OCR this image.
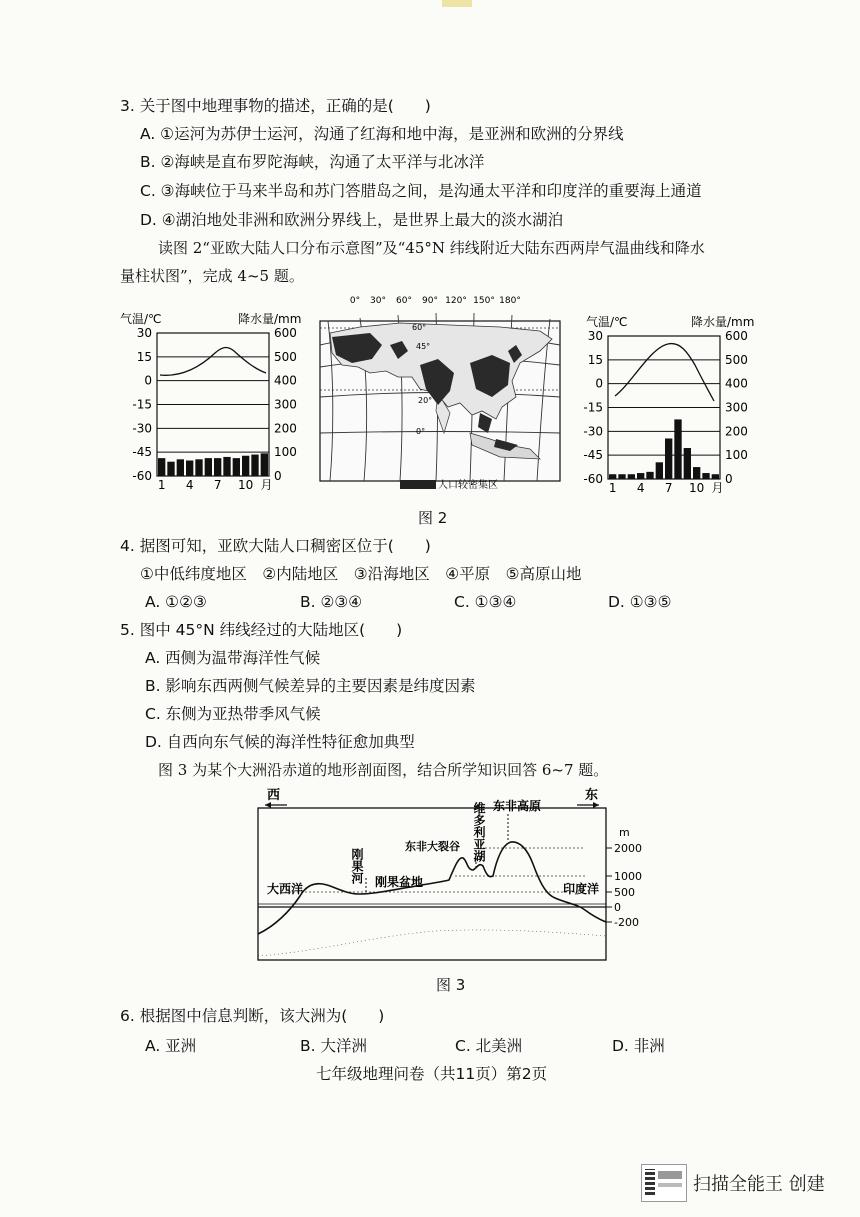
3. 关于图中地理事物的描述，正确的是(　　)
A. ①运河为苏伊士运河，沟通了红海和地中海，是亚洲和欧洲的分界线
B. ②海峡是直布罗陀海峡，沟通了太平洋与北冰洋
C. ③海峡位于马来半岛和苏门答腊岛之间，是沟通太平洋和印度洋的重要海上通道
D. ④湖泊地处非洲和欧洲分界线上，是世界上最大的淡水湖泊
读图 2“亚欧大陆人口分布示意图”及“45°N 纬线附近大陆东西两岸气温曲线和降水
量柱状图”，完成 4~5 题。
气温/℃	降水量/mm
30
15
0
-15
-30
-45
-60
600
500
400
300
200
100
0
1 4 7 10 月
0° 30° 60° 90° 120° 150° 180°
60°
45°
20°
0°
人口较密集区
气温/℃	降水量/mm
30
15
0
-15
-30
-45
-60
600
500
400
300
200
100
0
1 4 7 10 月
图 2
4. 据图可知，亚欧大陆人口稠密区位于(　　)
①中低纬度地区　②内陆地区　③沿海地区　④平原　⑤高原山地
A. ①②③	B. ②③④	C. ①③④	D. ①③⑤
5. 图中 45°N 纬线经过的大陆地区(　　)
A. 西侧为温带海洋性气候
B. 影响东西两侧气候差异的主要因素是纬度因素
C. 东侧为亚热带季风气候
D. 自西向东气候的海洋性特征愈加典型
图 3 为某个大洲沿赤道的地形剖面图，结合所学知识回答 6~7 题。
西	东
大西洋
刚果河 刚果盆地
东非大裂谷 维多利亚湖 东非高原
印度洋
m
2000
1000
500
0
-200
图 3
6. 根据图中信息判断，该大洲为(　　)
A. 亚洲	B. 大洋洲	C. 北美洲	D. 非洲
七年级地理问卷（共11页）第2页
扫描全能王 创建
